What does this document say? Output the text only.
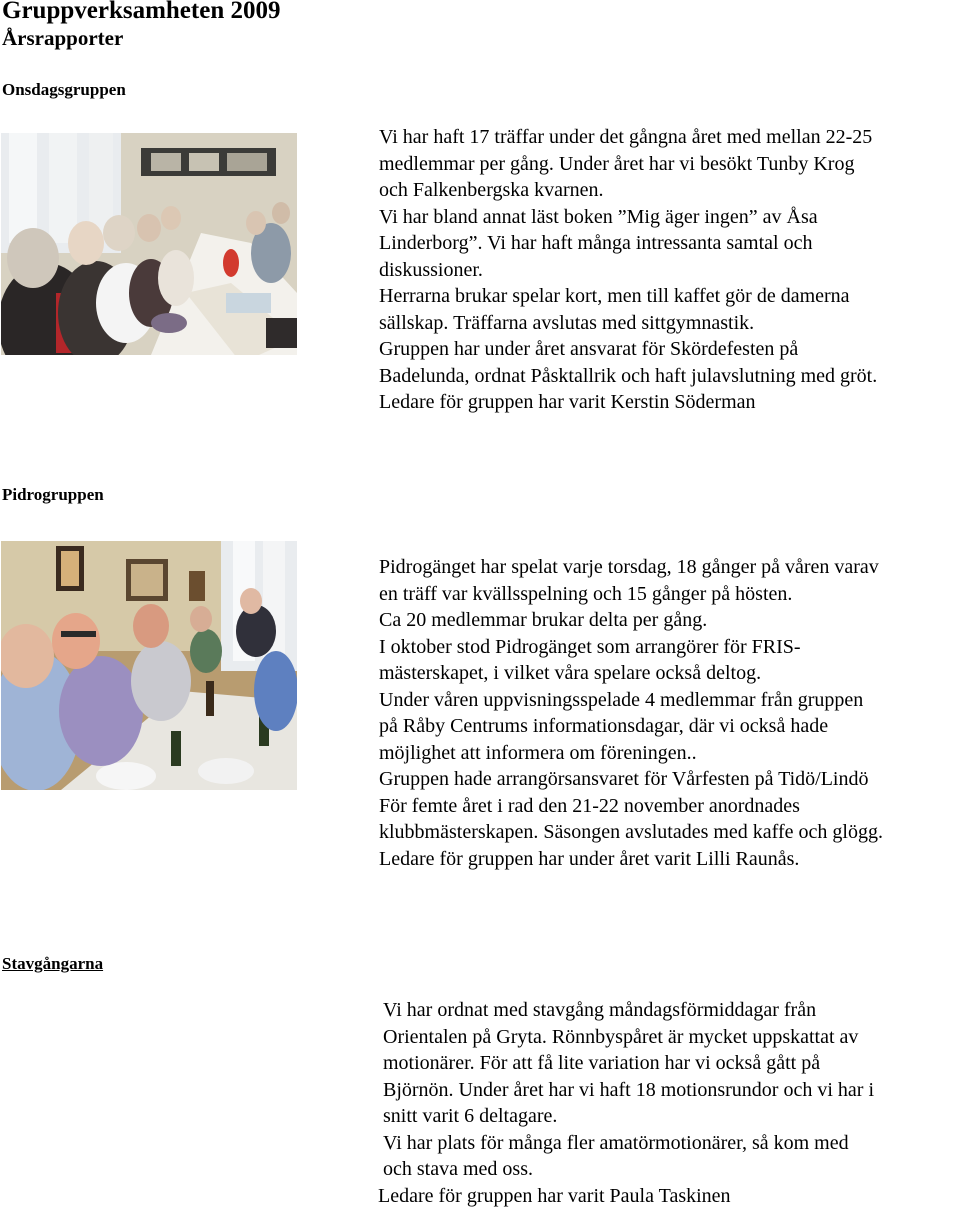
Gruppverksamheten 2009
Årsrapporter
Onsdagsgruppen

Vi har haft 17 träffar under det gångna året med mellan 22-25
medlemmar per gång. Under året har vi besökt Tunby Krog
och Falkenbergska kvarnen.
Vi har bland annat läst boken ”Mig äger ingen” av Åsa
Linderborg”. Vi har haft många intressanta samtal och
diskussioner.
Herrarna brukar spelar kort, men till kaffet gör de damerna
sällskap. Träffarna avslutas med sittgymnastik.
Gruppen har under året ansvarat för Skördefesten på
Badelunda, ordnat Påsktallrik och haft julavslutning med gröt.
Ledare för gruppen har varit Kerstin Söderman

Pidrogruppen

Pidrogänget har spelat varje torsdag, 18 gånger på våren varav
en träff var kvällsspelning och 15 gånger på hösten.
Ca 20 medlemmar brukar delta per gång.
I oktober stod Pidrogänget som arrangörer för FRIS-
mästerskapet, i vilket våra spelare också deltog.
Under våren uppvisningsspelade 4 medlemmar från gruppen
på Råby Centrums informationsdagar, där vi också hade
möjlighet att informera om föreningen..
Gruppen hade arrangörsansvaret för Vårfesten på Tidö/Lindö
För femte året i rad den 21-22 november anordnades
klubbmästerskapen. Säsongen avslutades med kaffe och glögg.
Ledare för gruppen har under året varit Lilli Raunås.

Stavgångarna

Vi har ordnat med stavgång måndagsförmiddagar från
Orientalen på Gryta. Rönnbyspåret är mycket uppskattat av
motionärer. För att få lite variation har vi också gått på
Björnön. Under året har vi haft 18 motionsrundor och vi har i
snitt varit 6 deltagare.
Vi har plats för många fler amatörmotionärer, så kom med
och stava med oss.
Ledare för gruppen har varit Paula Taskinen
